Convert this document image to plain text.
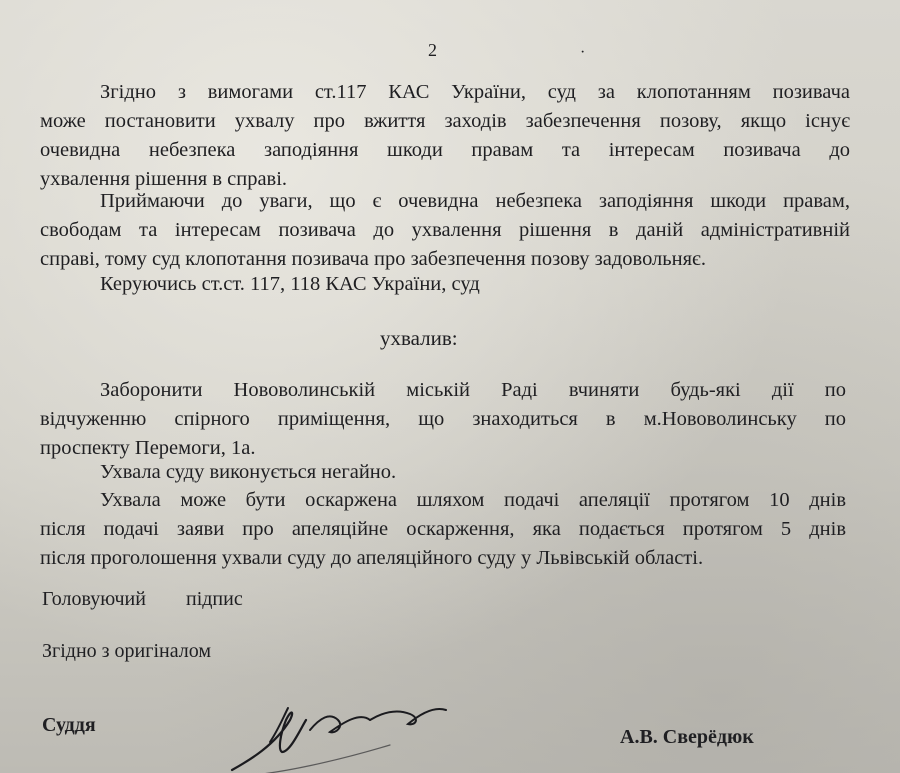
2	·

Згідно з вимогами ст.117 КАС України, суд за клопотанням позивача
може постановити ухвалу про вжиття заходів забезпечення позову, якщо існує
очевидна небезпека заподіяння шкоди правам та інтересам позивача до
ухвалення рішення в справі.

Приймаючи до уваги, що є очевидна небезпека заподіяння шкоди правам,
свободам та інтересам позивача до ухвалення рішення в даній адміністративній
справі, тому суд клопотання позивача про забезпечення позову задовольняє.

Керуючись ст.ст. 117, 118 КАС України, суд

ухвалив:

Заборонити Нововолинській міській Раді вчиняти будь-які дії по
відчуженню спірного приміщення, що знаходиться в м.Нововолинську по
проспекту Перемоги, 1а.

Ухвала суду виконується негайно.

Ухвала може бути оскаржена шляхом подачі апеляції протягом 10 днів
після подачі заяви про апеляційне оскарження, яка подається протягом 5 днів
після проголошення ухвали суду до апеляційного суду у Львівській області.

Головуючий підпис
Згідно з оригіналом
Суддя
А.В. Сверёдюк
